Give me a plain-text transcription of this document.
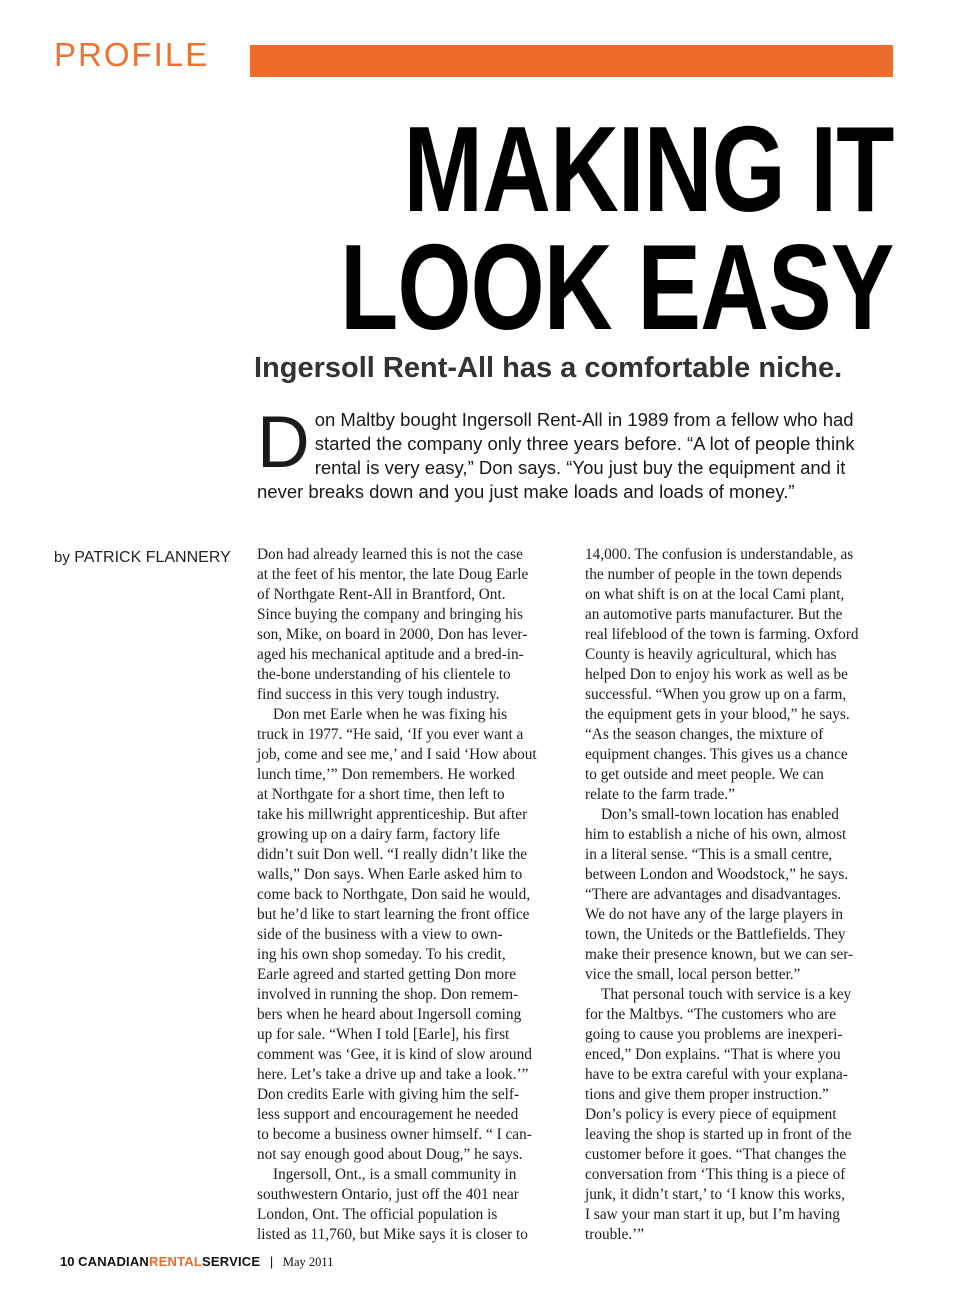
PROFILE
MAKING IT
LOOK EASY
Ingersoll Rent-All has a comfortable niche.
D on Maltby bought Ingersoll Rent-All in 1989 from a fellow who had
started the company only three years before. “A lot of people think
rental is very easy,” Don says. “You just buy the equipment and it
never breaks down and you just make loads and loads of money.”
by PATRICK FLANNERY Don had already learned this is not the case
at the feet of his mentor, the late Doug Earle
of Northgate Rent-All in Brantford, Ont.
Since buying the company and bringing his
son, Mike, on board in 2000, Don has lever-
aged his mechanical aptitude and a bred-in-
the-bone understanding of his clientele to
find success in this very tough industry.
Don met Earle when he was fixing his
truck in 1977. “He said, ‘If you ever want a
job, come and see me,’ and I said ‘How about
lunch time,’” Don remembers. He worked
at Northgate for a short time, then left to
take his millwright apprenticeship. But after
growing up on a dairy farm, factory life
didn’t suit Don well. “I really didn’t like the
walls,” Don says. When Earle asked him to
come back to Northgate, Don said he would,
but he’d like to start learning the front office
side of the business with a view to own-
ing his own shop someday. To his credit,
Earle agreed and started getting Don more
involved in running the shop. Don remem-
bers when he heard about Ingersoll coming
up for sale. “When I told [Earle], his first
comment was ‘Gee, it is kind of slow around
here. Let’s take a drive up and take a look.’”
Don credits Earle with giving him the self-
less support and encouragement he needed
to become a business owner himself. “ I can-
not say enough good about Doug,” he says.
Ingersoll, Ont., is a small community in
southwestern Ontario, just off the 401 near
London, Ont. The official population is
listed as 11,760, but Mike says it is closer to
14,000. The confusion is understandable, as
the number of people in the town depends
on what shift is on at the local Cami plant,
an automotive parts manufacturer. But the
real lifeblood of the town is farming. Oxford
County is heavily agricultural, which has
helped Don to enjoy his work as well as be
successful. “When you grow up on a farm,
the equipment gets in your blood,” he says.
“As the season changes, the mixture of
equipment changes. This gives us a chance
to get outside and meet people. We can
relate to the farm trade.”
Don’s small-town location has enabled
him to establish a niche of his own, almost
in a literal sense. “This is a small centre,
between London and Woodstock,” he says.
“There are advantages and disadvantages.
We do not have any of the large players in
town, the Uniteds or the Battlefields. They
make their presence known, but we can ser-
vice the small, local person better.”
That personal touch with service is a key
for the Maltbys. “The customers who are
going to cause you problems are inexperi-
enced,” Don explains. “That is where you
have to be extra careful with your explana-
tions and give them proper instruction.”
Don’s policy is every piece of equipment
leaving the shop is started up in front of the
customer before it goes. “That changes the
conversation from ‘This thing is a piece of
junk, it didn’t start,’ to ‘I know this works,
I saw your man start it up, but I’m having
trouble.’”
10 CANADIANRENTALSERVICE | May 2011
